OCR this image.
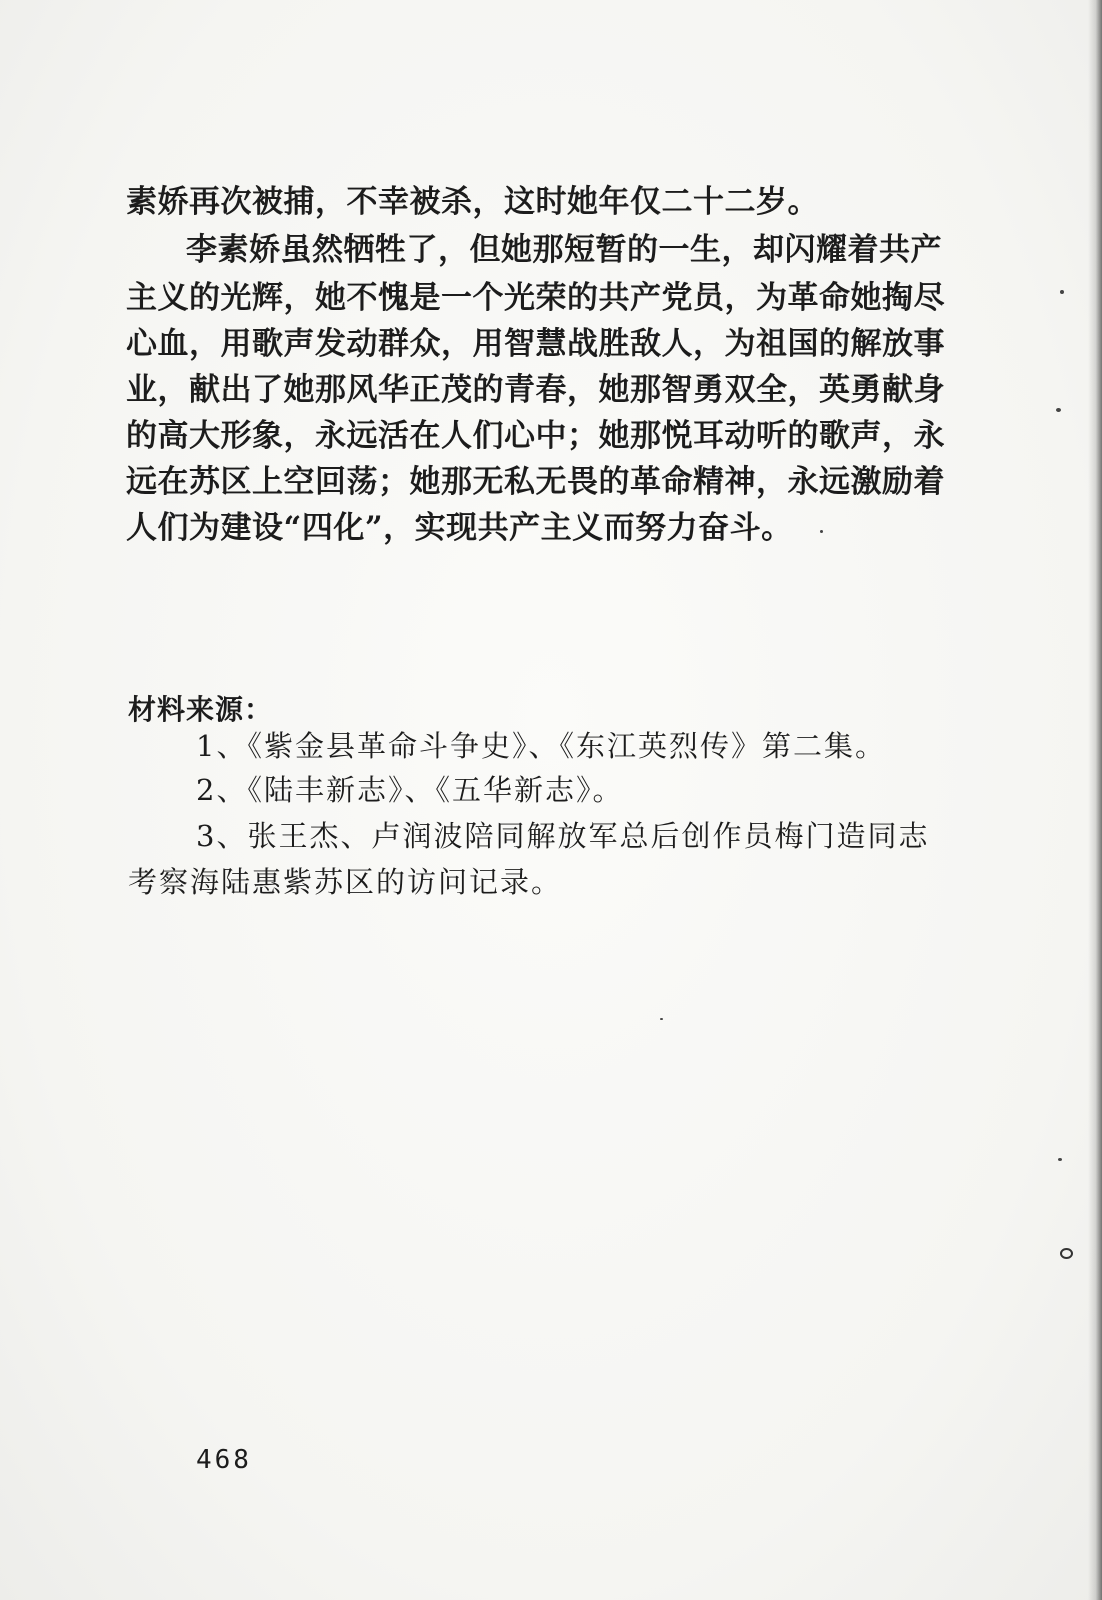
素娇再次被捕，不幸被杀，这时她年仅二十二岁。
李素娇虽然牺牲了，但她那短暂的一生，却闪耀着共产
主义的光辉，她不愧是一个光荣的共产党员，为革命她掏尽
心血，用歌声发动群众，用智慧战胜敌人，为祖国的解放事
业，献出了她那风华正茂的青春，她那智勇双全，英勇献身
的高大形象，永远活在人们心中；她那悦耳动听的歌声，永
远在苏区上空回荡；她那无私无畏的革命精神，永远激励着
人们为建设“四化”，实现共产主义而努力奋斗。
材料来源：
1、《紫金县革命斗争史》、《东江英烈传》第二集。
2、《陆丰新志》、《五华新志》。
3、张王杰、卢润波陪同解放军总后创作员梅门造同志
考察海陆惠紫苏区的访问记录。
468
